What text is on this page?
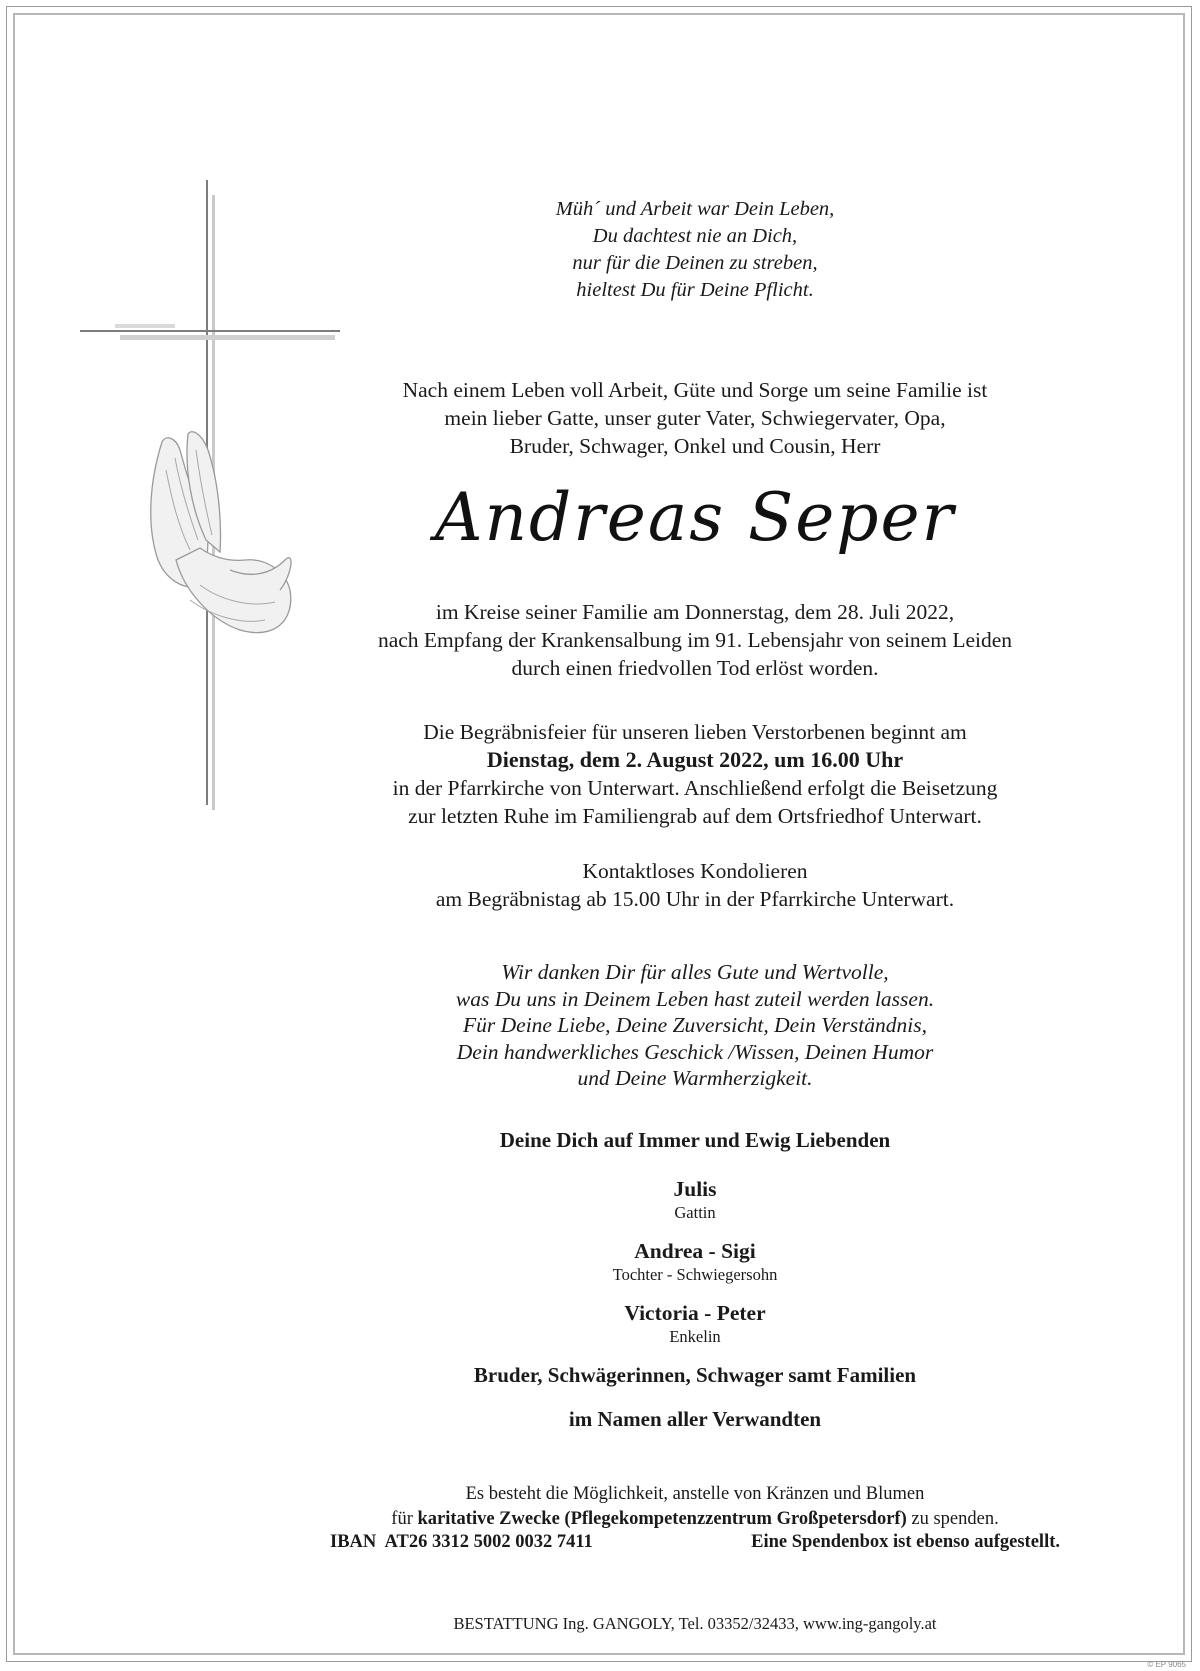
Müh´ und Arbeit war Dein Leben,

Du dachtest nie an Dich,

nur für die Deinen zu streben,

hieltest Du für Deine Pflicht.

Nach einem Leben voll Arbeit, Güte und Sorge um seine Familie ist

mein lieber Gatte, unser guter Vater, Schwiegervater, Opa,

Bruder, Schwager, Onkel und Cousin, Herr

Andreas Seper

im Kreise seiner Familie am Donnerstag, dem 28. Juli 2022,

nach Empfang der Krankensalbung im 91. Lebensjahr von seinem Leiden

durch einen friedvollen Tod erlöst worden.

Die Begräbnisfeier für unseren lieben Verstorbenen beginnt am

Dienstag, dem 2. August 2022, um 16.00 Uhr

in der Pfarrkirche von Unterwart. Anschließend erfolgt die Beisetzung

zur letzten Ruhe im Familiengrab auf dem Ortsfriedhof Unterwart.

Kontaktloses Kondolieren

am Begräbnistag ab 15.00 Uhr in der Pfarrkirche Unterwart.

Wir danken Dir für alles Gute und Wertvolle,

was Du uns in Deinem Leben hast zuteil werden lassen.

Für Deine Liebe, Deine Zuversicht, Dein Verständnis,

Dein handwerkliches Geschick /Wissen, Deinen Humor

und Deine Warmherzigkeit.

Deine Dich auf Immer und Ewig Liebenden

Julis

Gattin

Andrea - Sigi

Tochter - Schwiegersohn

Victoria - Peter

Enkelin

Bruder, Schwägerinnen, Schwager samt Familien
im Namen aller Verwandten

Es besteht die Möglichkeit, anstelle von Kränzen und Blumen

für karitative Zwecke (Pflegekompetenzzentrum Großpetersdorf) zu spenden.

IBAN  AT26 3312 5002 0032 7411	Eine Spendenbox ist ebenso aufgestellt.
BESTATTUNG Ing. GANGOLY, Tel. 03352/32433, www.ing-gangoly.at
© EP 9065
